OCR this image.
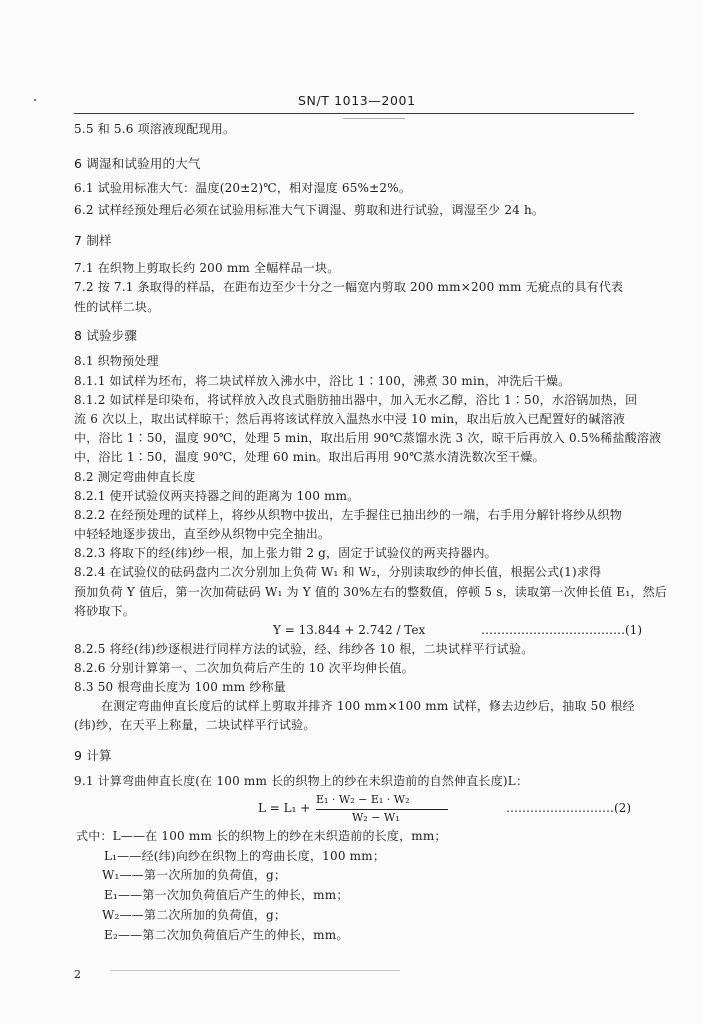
SN/T 1013—2001
5.5 和 5.6 项溶液现配现用。
6 调湿和试验用的大气
6.1 试验用标准大气：温度(20±2)℃，相对湿度 65%±2%。
6.2 试样经预处理后必须在试验用标准大气下调湿、剪取和进行试验，调湿至少 24 h。
7 制样
7.1 在织物上剪取长约 200 mm 全幅样品一块。
7.2 按 7.1 条取得的样品，在距布边至少十分之一幅宽内剪取 200 mm×200 mm 无疵点的具有代表
性的试样二块。
8 试验步骤
8.1 织物预处理
8.1.1 如试样为坯布，将二块试样放入沸水中，浴比 1∶100，沸煮 30 min，冲洗后干燥。
8.1.2 如试样是印染布，将试样放入改良式脂肪抽出器中，加入无水乙醇，浴比 1∶50，水浴锅加热，回
流 6 次以上，取出试样晾干；然后再将该试样放入温热水中浸 10 min，取出后放入已配置好的碱溶液
中，浴比 1∶50，温度 90℃，处理 5 min，取出后用 90℃蒸馏水洗 3 次，晾干后再放入 0.5%稀盐酸溶液
中，浴比 1∶50，温度 90℃，处理 60 min。取出后再用 90℃蒸水清洗数次至干燥。
8.2 测定弯曲伸直长度
8.2.1 使开试验仪两夹持器之间的距离为 100 mm。
8.2.2 在经预处理的试样上，将纱从织物中拔出，左手握住已抽出纱的一端，右手用分解针将纱从织物
中轻轻地逐步拔出，直至纱从织物中完全抽出。
8.2.3 将取下的经(纬)纱一根，加上张力钳 2 g，固定于试验仪的两夹持器内。
8.2.4 在试验仪的砝码盘内二次分别加上负荷 W₁ 和 W₂，分别读取纱的伸长值，根据公式(1)求得
预加负荷 Y 值后，第一次加荷砝码 W₁ 为 Y 值的 30%左右的整数值，停顿 5 s，读取第一次伸长值 E₁，然后
将砂取下。
Y = 13.844 + 2.742 / Tex	………………………………(1)
8.2.5 将经(纬)纱逐根进行同样方法的试验，经、纬纱各 10 根，二块试样平行试验。
8.2.6 分别计算第一、二次加负荷后产生的 10 次平均伸长值。
8.3 50 根弯曲长度为 100 mm 纱称量
在测定弯曲伸直长度后的试样上剪取并排齐 100 mm×100 mm 试样，修去边纱后，抽取 50 根经
(纬)纱，在天平上称量，二块试样平行试验。
9 计算
9.1 计算弯曲伸直长度(在 100 mm 长的织物上的纱在未织造前的自然伸直长度)L：
L = L₁ +
E₁ · W₂ − E₁ · W₂
W₂ − W₁
………………………(2)
式中：L——在 100 mm 长的织物上的纱在未织造前的长度，mm；
L₁——经(纬)向纱在织物上的弯曲长度，100 mm；
W₁——第一次所加的负荷值，g；
E₁——第一次加负荷值后产生的伸长，mm；
W₂——第二次所加的负荷值，g；
E₂——第二次加负荷值后产生的伸长，mm。
2
